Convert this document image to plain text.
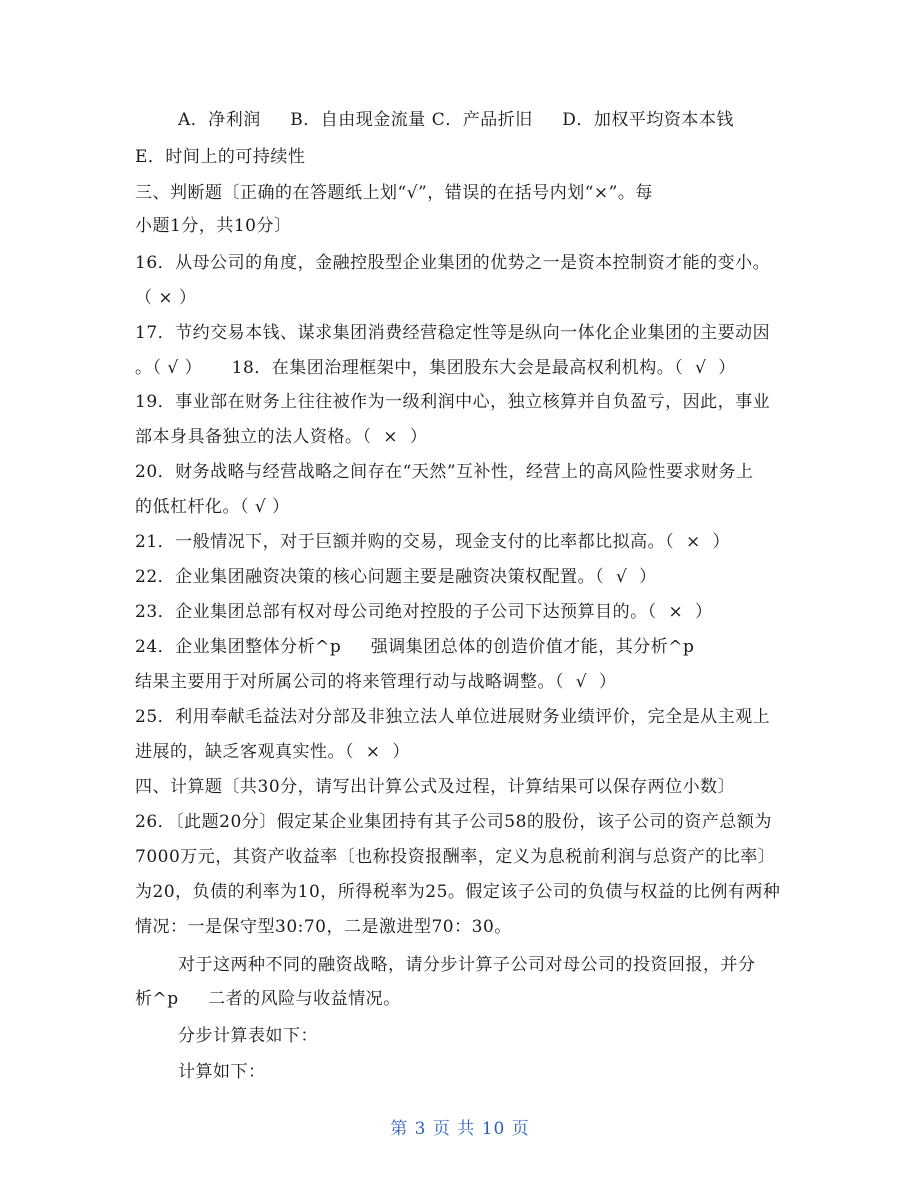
A．净利润     B．自由现金流量 C．产品折旧     D．加权平均资本本钱
E．时间上的可持续性
三、判断题〔正确的在答题纸上划“√”，错误的在括号内划“×”。每
小题1分，共10分〕
16．从母公司的角度，金融控股型企业集团的优势之一是资本控制资才能的变小。
（ × ）
17．节约交易本钱、谋求集团消费经营稳定性等是纵向一体化企业集团的主要动因
。（ √ ）     18．在集团治理框架中，集团股东大会是最高权利机构。（  √  ）
19．事业部在财务上往往被作为一级利润中心，独立核算并自负盈亏，因此，事业
部本身具备独立的法人资格。（  ×  ）
20．财务战略与经营战略之间存在“天然”互补性，经营上的高风险性要求财务上
的低杠杆化。（ √ ）
21．一般情况下，对于巨额并购的交易，现金支付的比率都比拟高。（  ×  ）
22．企业集团融资决策的核心问题主要是融资决策权配置。（  √  ）
23．企业集团总部有权对母公司绝对控股的子公司下达预算目的。（  ×  ）
24．企业集团整体分析^p     强调集团总体的创造价值才能，其分析^p
结果主要用于对所属公司的将来管理行动与战略调整。（  √  ）
25．利用奉献毛益法对分部及非独立法人单位进展财务业绩评价，完全是从主观上
进展的，缺乏客观真实性。（  ×  ）
四、计算题〔共30分，请写出计算公式及过程，计算结果可以保存两位小数〕
26．〔此题20分〕假定某企业集团持有其子公司58的股份，该子公司的资产总额为
7000万元，其资产收益率〔也称投资报酬率，定义为息税前利润与总资产的比率〕
为20，负债的利率为10，所得税率为25。假定该子公司的负债与权益的比例有两种
情况：一是保守型30:70，二是激进型70：30。
对于这两种不同的融资战略，请分步计算子公司对母公司的投资回报，并分
析^p     二者的风险与收益情况。
分步计算表如下：
计算如下：
第 3 页 共 10 页
